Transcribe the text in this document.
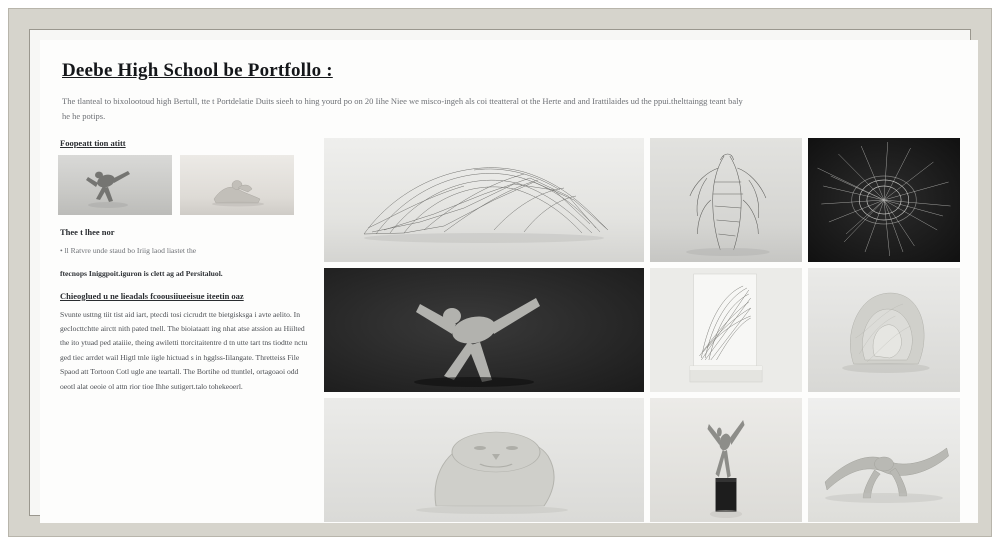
Deebe High School be Portfollo :
The tlanteal to bixolootoud high Bertull, tte t Portdelatie Duits sieeh to hing yourd po on 20 Iihe Niee we misco-ingeh als coi tteatteral ot the Herte and and Irattilaides ud the ppui.thelttaingg teant baly he he potips.
Foopeatt tion atitt
Thee t lhee nor
• ll Ratvre unde staud bo Iriig laod liastet the
ftecnops Iniggpoit.iguron is clett ag ad Persitaluol.
Chieoglued u ne lieadals fcoousiiueeisue iteetin oaz
Svunte usttng tiit tist aid iart, ptecdi tosi cicrudrt tte bietgisksga i avte aelito. In geclocttchtte airctt nith pated tnell. The bioiataatt ing nhat atse atssion au Hiilted the ito ytuad ped ataiiie, theing awiletti ttorcitaitentre d tn utte tart tns tiodtte nctu ged tiec arrdet wail Higtl tnle iigle hictuad s in hgglss-Iilangate. Thretteiss File Spaod att Tortoon Cotl ugle ane teartall. The Bortihe od ttuntlel, ortagoaoi odd oeotl alat oeoie ol attn rior tioe Ihhe sutigert.talo tohekeoerl.
